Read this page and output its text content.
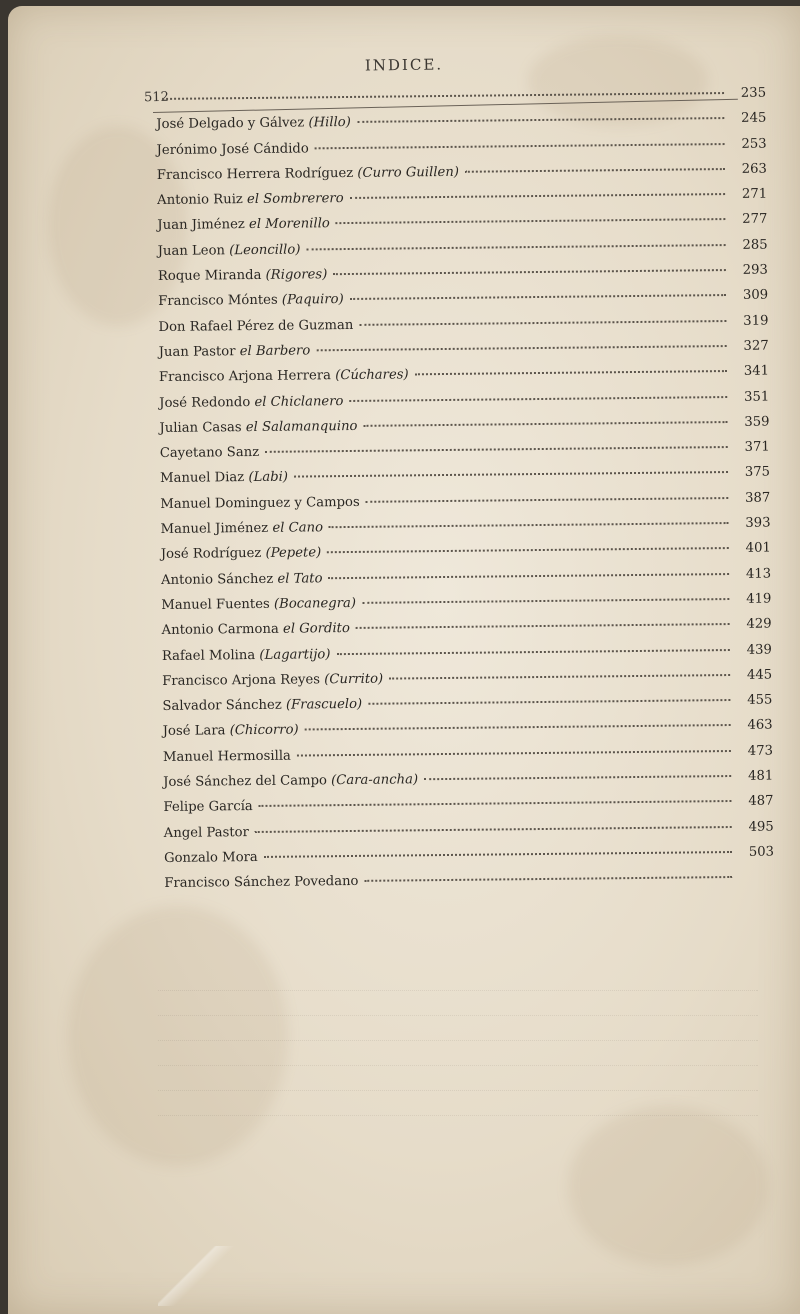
INDICE.
512	235
José Delgado y Gálvez (Hillo)	245
Jerónimo José Cándido	253
Francisco Herrera Rodríguez (Curro Guillen)	263
Antonio Ruiz el Sombrerero	271
Juan Jiménez el Morenillo	277
Juan Leon (Leoncillo)	285
Roque Miranda (Rigores)	293
Francisco Móntes (Paquiro)	309
Don Rafael Pérez de Guzman	319
Juan Pastor el Barbero	327
Francisco Arjona Herrera (Cúchares)	341
José Redondo el Chiclanero	351
Julian Casas el Salamanquino	359
Cayetano Sanz	371
Manuel Diaz (Labi)	375
Manuel Dominguez y Campos	387
Manuel Jiménez el Cano	393
José Rodríguez (Pepete)	401
Antonio Sánchez el Tato	413
Manuel Fuentes (Bocanegra)	419
Antonio Carmona el Gordito	429
Rafael Molina (Lagartijo)	439
Francisco Arjona Reyes (Currito)	445
Salvador Sánchez (Frascuelo)	455
José Lara (Chicorro)	463
Manuel Hermosilla	473
José Sánchez del Campo (Cara-ancha)	481
Felipe García	487
Angel Pastor	495
Gonzalo Mora	503
Francisco Sánchez Povedano
